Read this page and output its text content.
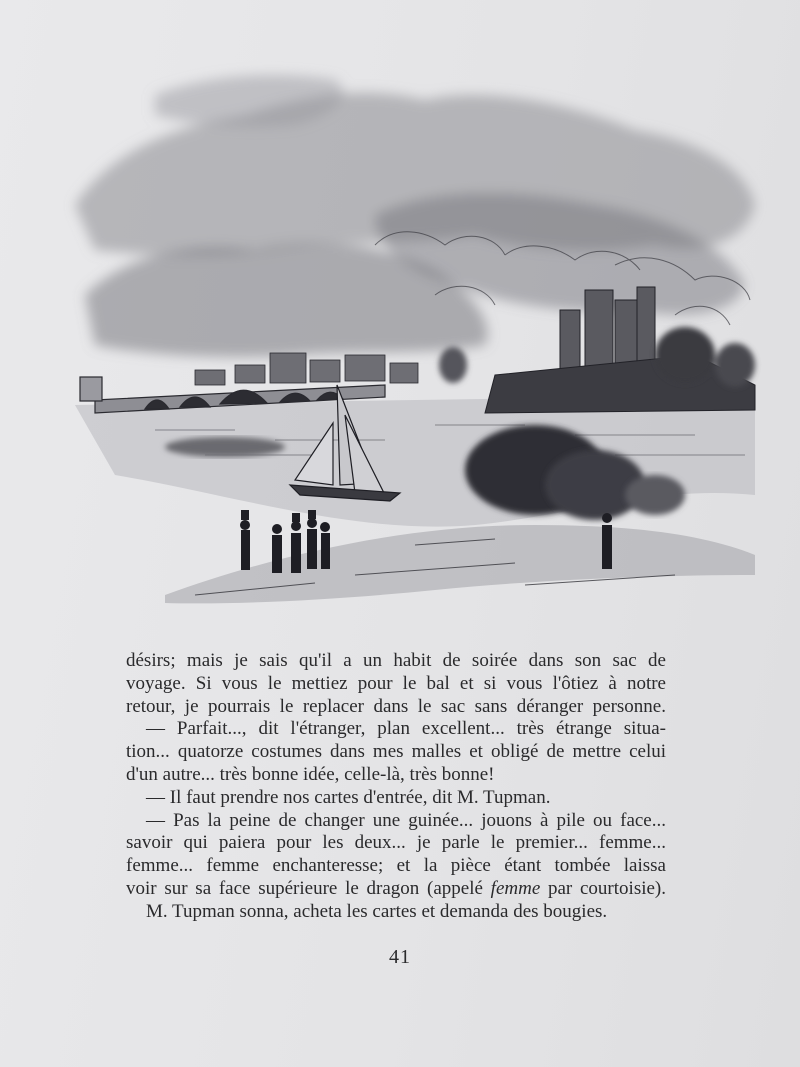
désirs; mais je sais qu'il a un habit de soirée dans son sac de
voyage. Si vous le mettiez pour le bal et si vous l'ôtiez à notre
retour, je pourrais le replacer dans le sac sans déranger personne.
— Parfait..., dit l'étranger, plan excellent... très étrange situa-
tion... quatorze costumes dans mes malles et obligé de mettre celui
d'un autre... très bonne idée, celle-là, très bonne!
— Il faut prendre nos cartes d'entrée, dit M. Tupman.
— Pas la peine de changer une guinée... jouons à pile ou face...
savoir qui paiera pour les deux... je parle le premier... femme...
femme... femme enchanteresse; et la pièce étant tombée laissa
voir sur sa face supérieure le dragon (appelé femme par courtoisie).
M. Tupman sonna, acheta les cartes et demanda des bougies.
41
